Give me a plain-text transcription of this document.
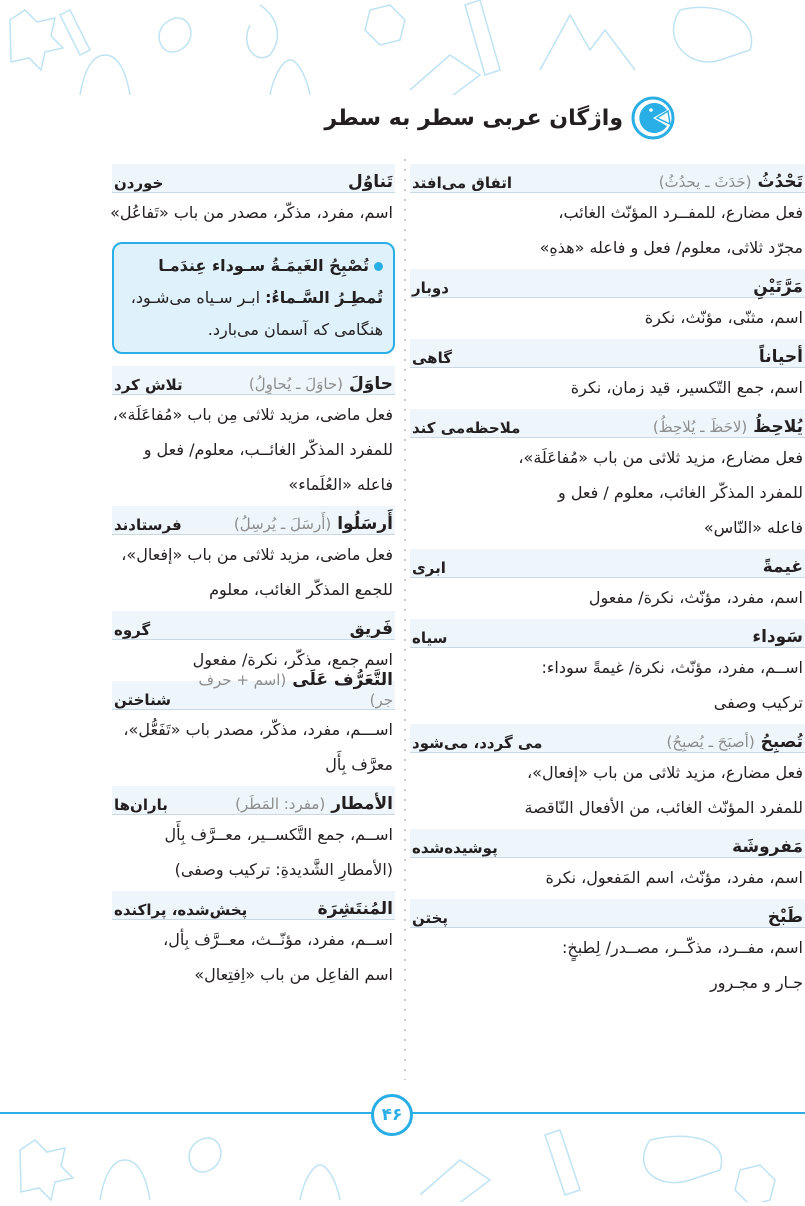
واژگان عربی سطر به سطر
تَحْدُثُ(حَدَثَ ـ يحدُثُ)
اتفاق می‌افتد
فعل مضارع، للمفــرد المؤنّث الغائب،
مجرّد ثلاثی، معلوم/ فعل و فاعله «هذهِ»
مَرَّتَيْنِ
دوبار
اسم، مثنّی، مؤنّث، نکرة
أحياناً
گاهی
اسم، جمع التّکسیر، قید زمان، نکرة
يُلاحِظُ(لاحَظَ ـ يُلاحِظُ)
ملاحظه‌می کند
فعل مضارع، مزید ثلاثی من باب «مُفاعَلَة»،
للمفرد المذکّر الغائب، معلوم / فعل و
فاعله «النّاس»
غيمةً
ابری
اسم، مفرد، مؤنّث، نکرة/ مفعول
سَوداء
سیاه
اســم، مفرد، مؤنّث، نکرة/ غيمةً سوداء:
ترکیب وصفی
تُصبِحُ(أصبَحَ ـ يُصبِحُ)
می گردد، می‌شود
فعل مضارع، مزید ثلاثی من باب «إفعال»،
للمفرد المؤنّث الغائب، من الأفعال النّاقصة
مَفروشَة
پوشیده‌شده
اسم، مفرد، مؤنّث، اسم المَفعول، نکرة
طَبْخ
پختن
اسم، مفــرد، مذکّــر، مصــدر/ لِطبخٍ:
جـار و مجـرور
تَناوُل
خوردن
اسم، مفرد، مذکّر، مصدر من باب «تَفاعُل»
تُصْبِحُ الغَیمَـةُ سـوداء عِندَمـا تُمطِـرُ السَّـماءُ: ابـر سـياه مى‌شـود،
هنگامی که آسمان می‌بارد.
حاوَلَ(حاوَلَ ـ يُحاوِلُ)
تلاش کرد
فعل ماضی، مزید ثلاثی مِن باب «مُفاعَلَة»،
للمفرد المذکّر الغائــب، معلوم/ فعل و
فاعله «العُلَماء»
أَرسَلُوا(أَرسَلَ ـ يُرسِلُ)
فرستادند
فعل ماضی، مزید ثلاثی من باب «إفعال»،
للجمع المذکّر الغائب، معلوم
فَريق
گروه
اسم جمع، مذکّر، نکرة/ مفعول
التَّعَرُّف عَلَی(اسم + حرف جر)
شناختن
اســـم، مفرد، مذکّر، مصدر باب «تَفَعُّل»،
معرَّف بِأَل
الأمطار(مفرد: المَطَر)
باران‌ها
اســم، جمع التَّکســير، معــرَّف بِأَل
(الأمطارِ الشَّديدةِ: ترکیب وصفی)
المُنتَشِرَة
پخش‌شده، پراکنده
اســم، مفرد، مؤنّــث، معــرَّف بِأل،
اسم الفاعِل من باب «اِفتِعال»
۴۶
